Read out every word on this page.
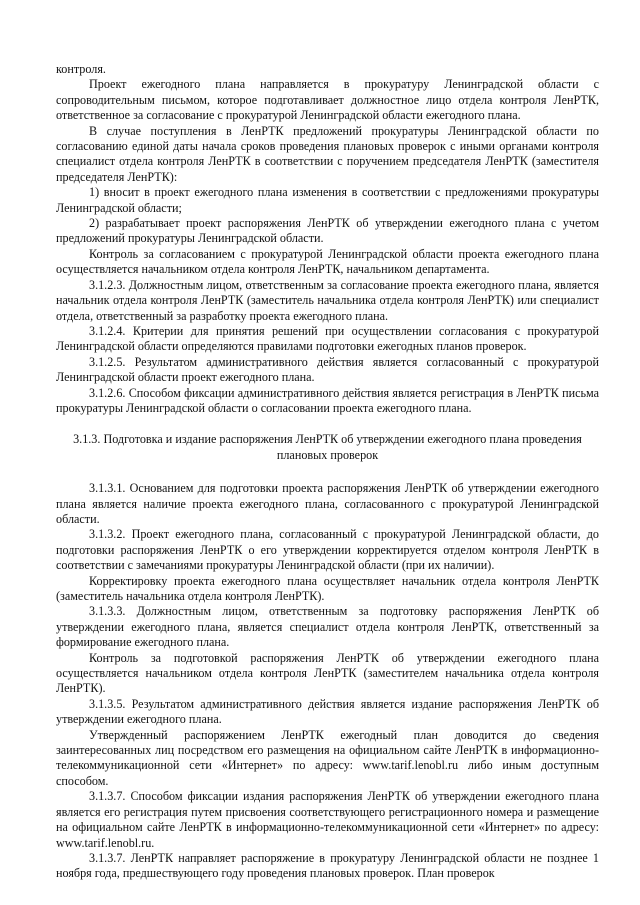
контроля.

Проект ежегодного плана направляется в прокуратуру Ленинградской области с сопроводительным письмом, которое подготавливает должностное лицо отдела контроля ЛенРТК, ответственное за согласование с прокуратурой Ленинградской области ежегодного плана.

В случае поступления в ЛенРТК предложений прокуратуры Ленинградской области по согласованию единой даты начала сроков проведения плановых проверок с иными органами контроля специалист отдела контроля ЛенРТК в соответствии с поручением председателя ЛенРТК (заместителя председателя ЛенРТК):

1) вносит в проект ежегодного плана изменения в соответствии с предложениями прокуратуры Ленинградской области;

2) разрабатывает проект распоряжения ЛенРТК об утверждении ежегодного плана с учетом предложений прокуратуры Ленинградской области.

Контроль за согласованием с прокуратурой Ленинградской области проекта ежегодного плана осуществляется начальником отдела контроля ЛенРТК, начальником департамента.

3.1.2.3. Должностным лицом, ответственным за согласование проекта ежегодного плана, является начальник отдела контроля ЛенРТК (заместитель начальника отдела контроля ЛенРТК) или специалист отдела, ответственный за разработку проекта ежегодного плана.

3.1.2.4. Критерии для принятия решений при осуществлении согласования с прокуратурой Ленинградской области определяются правилами подготовки ежегодных планов проверок.

3.1.2.5. Результатом административного действия является согласованный с прокуратурой Ленинградской области проект ежегодного плана.

3.1.2.6. Способом фиксации административного действия является регистрация в ЛенРТК письма прокуратуры Ленинградской области о согласовании проекта ежегодного плана.

3.1.3. Подготовка и издание распоряжения ЛенРТК об утверждении ежегодного плана проведения
плановых проверок

3.1.3.1. Основанием для подготовки проекта распоряжения ЛенРТК об утверждении ежегодного плана является наличие проекта ежегодного плана, согласованного с прокуратурой Ленинградской области.

3.1.3.2. Проект ежегодного плана, согласованный с прокуратурой Ленинградской области, до подготовки распоряжения ЛенРТК о его утверждении корректируется отделом контроля ЛенРТК в соответствии с замечаниями прокуратуры Ленинградской области (при их наличии).

Корректировку проекта ежегодного плана осуществляет начальник отдела контроля ЛенРТК (заместитель начальника отдела контроля ЛенРТК).

3.1.3.3. Должностным лицом, ответственным за подготовку распоряжения ЛенРТК об утверждении ежегодного плана, является специалист отдела контроля ЛенРТК, ответственный за формирование ежегодного плана.

Контроль за подготовкой распоряжения ЛенРТК об утверждении ежегодного плана осуществляется начальником отдела контроля ЛенРТК (заместителем начальника отдела контроля ЛенРТК).

3.1.3.5. Результатом административного действия является издание распоряжения ЛенРТК об утверждении ежегодного плана.

Утвержденный распоряжением ЛенРТК ежегодный план доводится до сведения заинтересованных лиц посредством его размещения на официальном сайте ЛенРТК в информационно-телекоммуникационной сети «Интернет» по адресу: www.tarif.lenobl.ru либо иным доступным способом.

3.1.3.7. Способом фиксации издания распоряжения ЛенРТК об утверждении ежегодного плана является его регистрация путем присвоения соответствующего регистрационного номера и размещение на официальном сайте ЛенРТК в информационно-телекоммуникационной сети «Интернет» по адресу: www.tarif.lenobl.ru.

3.1.3.7. ЛенРТК направляет распоряжение в прокуратуру Ленинградской области не позднее 1 ноября года, предшествующего году проведения плановых проверок. План проверок
